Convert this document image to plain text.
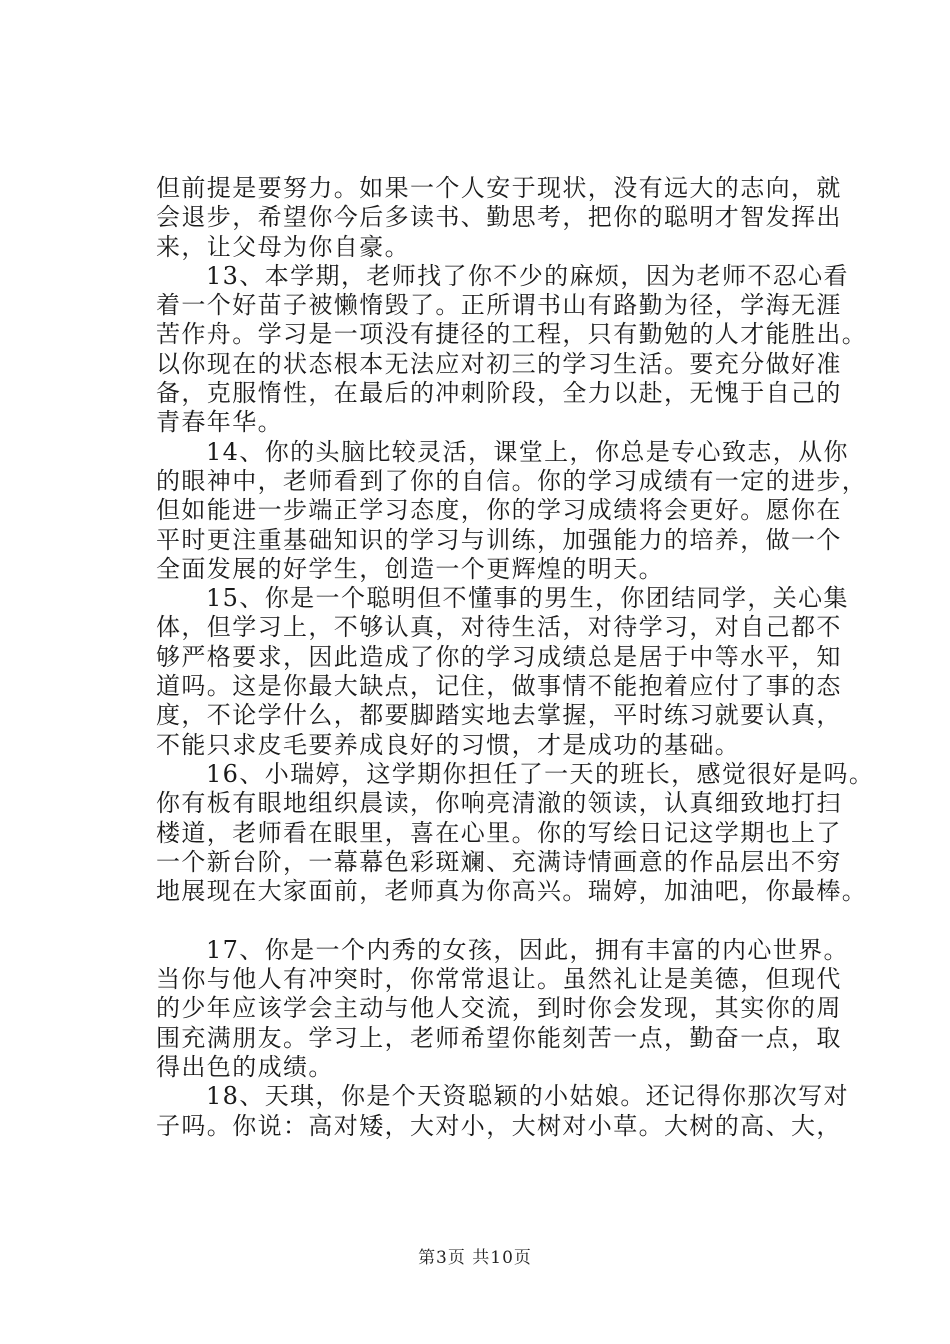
但前提是要努力。如果一个人安于现状，没有远大的志向，就
会退步，希望你今后多读书、勤思考，把你的聪明才智发挥出
来，让父母为你自豪。
13、本学期，老师找了你不少的麻烦，因为老师不忍心看
着一个好苗子被懒惰毁了。正所谓书山有路勤为径，学海无涯
苦作舟。学习是一项没有捷径的工程，只有勤勉的人才能胜出。
以你现在的状态根本无法应对初三的学习生活。要充分做好准
备，克服惰性，在最后的冲刺阶段，全力以赴，无愧于自己的
青春年华。
14、你的头脑比较灵活，课堂上，你总是专心致志，从你
的眼神中，老师看到了你的自信。你的学习成绩有一定的进步，
但如能进一步端正学习态度，你的学习成绩将会更好。愿你在
平时更注重基础知识的学习与训练，加强能力的培养，做一个
全面发展的好学生，创造一个更辉煌的明天。
15、你是一个聪明但不懂事的男生，你团结同学，关心集
体，但学习上，不够认真，对待生活，对待学习，对自己都不
够严格要求，因此造成了你的学习成绩总是居于中等水平，知
道吗。这是你最大缺点，记住，做事情不能抱着应付了事的态
度，不论学什么，都要脚踏实地去掌握，平时练习就要认真，
不能只求皮毛要养成良好的习惯，才是成功的基础。
16、小瑞婷，这学期你担任了一天的班长，感觉很好是吗。
你有板有眼地组织晨读，你响亮清澈的领读，认真细致地打扫
楼道，老师看在眼里，喜在心里。你的写绘日记这学期也上了
一个新台阶，一幕幕色彩斑斓、充满诗情画意的作品层出不穷
地展现在大家面前，老师真为你高兴。瑞婷，加油吧，你最棒。
17、你是一个内秀的女孩，因此，拥有丰富的内心世界。
当你与他人有冲突时，你常常退让。虽然礼让是美德，但现代
的少年应该学会主动与他人交流，到时你会发现，其实你的周
围充满朋友。学习上，老师希望你能刻苦一点，勤奋一点，取
得出色的成绩。
18、天琪，你是个天资聪颖的小姑娘。还记得你那次写对
子吗。你说：高对矮，大对小，大树对小草。大树的高、大，
第3页 共10页
